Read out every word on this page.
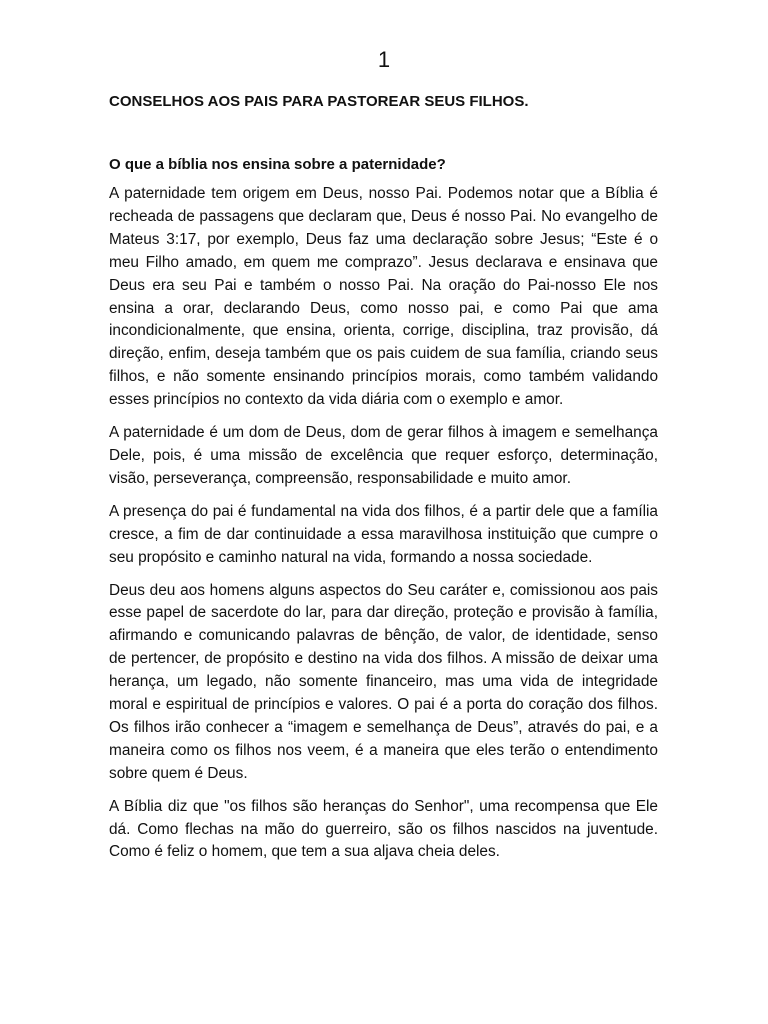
1
CONSELHOS AOS PAIS PARA PASTOREAR SEUS FILHOS.
O que a bíblia nos ensina sobre a paternidade?

A paternidade tem origem em Deus, nosso Pai. Podemos notar que a Bíblia é recheada de passagens que declaram que, Deus é nosso Pai. No evangelho de Mateus 3:17, por exemplo, Deus faz uma declaração sobre Jesus; “Este é o meu Filho amado, em quem me comprazo”. Jesus declarava e ensinava que Deus era seu Pai e também o nosso Pai. Na oração do Pai-nosso Ele nos ensina a orar, declarando Deus, como nosso pai, e como Pai que ama incondicionalmente, que ensina, orienta, corrige, disciplina, traz provisão, dá direção, enfim, deseja também que os pais cuidem de sua família, criando seus filhos, e não somente ensinando princípios morais, como também validando esses princípios no contexto da vida diária com o exemplo e amor.

A paternidade é um dom de Deus, dom de gerar filhos à imagem e semelhança Dele, pois, é uma missão de excelência que requer esforço, determinação, visão, perseverança, compreensão, responsabilidade e muito amor.

A presença do pai é fundamental na vida dos filhos, é a partir dele que a família cresce, a fim de dar continuidade a essa maravilhosa instituição que cumpre o seu propósito e caminho natural na vida, formando a nossa sociedade.

Deus deu aos homens alguns aspectos do Seu caráter e, comissionou aos pais esse papel de sacerdote do lar, para dar direção, proteção e provisão à família, afirmando e comunicando palavras de bênção, de valor, de identidade, senso de pertencer, de propósito e destino na vida dos filhos. A missão de deixar uma herança, um legado, não somente financeiro, mas uma vida de integridade moral e espiritual de princípios e valores. O pai é a porta do coração dos filhos. Os filhos irão conhecer a “imagem e semelhança de Deus”, através do pai, e a maneira como os filhos nos veem, é a maneira que eles terão o entendimento sobre quem é Deus.

A Bíblia diz que "os filhos são heranças do Senhor", uma recompensa que Ele dá. Como flechas na mão do guerreiro, são os filhos nascidos na juventude. Como é feliz o homem, que tem a sua aljava cheia deles.
